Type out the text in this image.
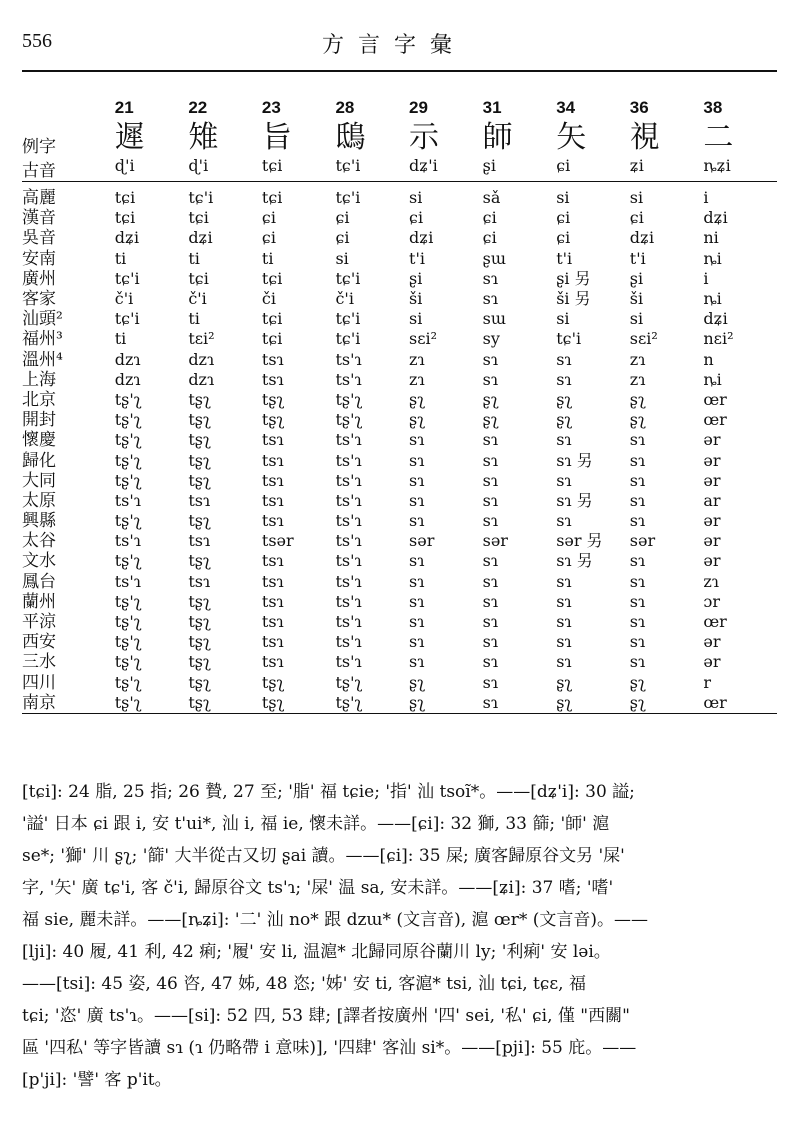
556	方言字彙
	21	22	23	28	29	31	34	36	38
例字	遲	雉	旨	鴟	示	師	矢	視	二
古音	ɖ'i	ɖ'i	tɕi	tɕ'i	dʑ'i	ʂi	ɕi	ʑi	ȵʑi

高麗	tɕi	tɕ'i	tɕi	tɕ'i	si	sǎ	si	si	i
漢音	tɕi	tɕi	ɕi	ɕi	ɕi	ɕi	ɕi	ɕi	dʑi
吳音	dʑi	dʑi	ɕi	ɕi	dʑi	ɕi	ɕi	dʑi	ni
安南	ti	ti	ti	si	t'i	ʂɯ	t'i	t'i	ȵi
廣州	tɕ'i	tɕi	tɕi	tɕ'i	ʂi	sɿ	ʂi 另	ʂi	i
客家	č'i	č'i	či	č'i	ši	sɿ	ši 另	ši	ȵi
汕頭²	tɕ'i	ti	tɕi	tɕ'i	si	sɯ	si	si	dʑi
福州³	ti	tɛi²	tɕi	tɕ'i	sɛi²	sy	tɕ'i	sɛi²	nɛi²
溫州⁴	dzɿ	dzɿ	tsɿ	ts'ɿ	zɿ	sɿ	sɿ	zɿ	n
上海	dzɿ	dzɿ	tsɿ	ts'ɿ	zɿ	sɿ	sɿ	zɿ	ȵi
北京	tʂ'ʅ	tʂʅ	tʂʅ	tʂ'ʅ	ʂʅ	ʂʅ	ʂʅ	ʂʅ	œr
開封	tʂ'ʅ	tʂʅ	tʂʅ	tʂ'ʅ	ʂʅ	ʂʅ	ʂʅ	ʂʅ	œr
懷慶	tʂ'ʅ	tʂʅ	tsɿ	ts'ɿ	sɿ	sɿ	sɿ	sɿ	ər
歸化	tʂ'ʅ	tʂʅ	tsɿ	ts'ɿ	sɿ	sɿ	sɿ 另	sɿ	ər
大同	tʂ'ʅ	tʂʅ	tsɿ	ts'ɿ	sɿ	sɿ	sɿ	sɿ	ər
太原	ts'ɿ	tsɿ	tsɿ	ts'ɿ	sɿ	sɿ	sɿ 另	sɿ	ar
興縣	tʂ'ʅ	tʂʅ	tsɿ	ts'ɿ	sɿ	sɿ	sɿ	sɿ	ər
太谷	ts'ɿ	tsɿ	tsər	ts'ɿ	sər	sər	sər 另	sər	ər
文水	tʂ'ʅ	tʂʅ	tsɿ	ts'ɿ	sɿ	sɿ	sɿ 另	sɿ	ər
鳳台	ts'ɿ	tsɿ	tsɿ	ts'ɿ	sɿ	sɿ	sɿ	sɿ	zɿ
蘭州	tʂ'ʅ	tʂʅ	tsɿ	ts'ɿ	sɿ	sɿ	sɿ	sɿ	ɔr
平涼	tʂ'ʅ	tʂʅ	tsɿ	ts'ɿ	sɿ	sɿ	sɿ	sɿ	œr
西安	tʂ'ʅ	tʂʅ	tsɿ	ts'ɿ	sɿ	sɿ	sɿ	sɿ	ər
三水	tʂ'ʅ	tʂʅ	tsɿ	ts'ɿ	sɿ	sɿ	sɿ	sɿ	ər
四川	tʂ'ʅ	tʂʅ	tʂʅ	tʂ'ʅ	ʂʅ	sɿ	ʂʅ	ʂʅ	r
南京	tʂ'ʅ	tʂʅ	tʂʅ	tʂ'ʅ	ʂʅ	sɿ	ʂʅ	ʂʅ	œr

[tɕi]: 24 脂, 25 指; 26 贄, 27 至; '脂' 福 tɕie; '指' 汕 tsoĩ*。——[dʑ'i]: 30 謚;

'謚' 日本 ɕi 跟 i, 安 t'ui*, 汕 i, 福 ie, 懷未詳。——[ɕi]: 32 獅, 33 篩; '師' 滬

se*; '獅' 川 ʂʅ; '篩' 大半從古又切 ʂai 讀。——[ɕi]: 35 屎; 廣客歸原谷文另 '屎'

字, '矢' 廣 tɕ'i, 客 č'i, 歸原谷文 ts'ɿ; '屎' 温 sa, 安未詳。——[ʑi]: 37 嗜; '嗜'

福 sie, 麗未詳。——[ȵʑi]: '二' 汕 no* 跟 dzɯ* (文言音), 滬 œr* (文言音)。——

[lji]: 40 履, 41 利, 42 痢; '履' 安 li, 温滬* 北歸同原谷蘭川 ly; '利痢' 安 ləi。

——[tsi]: 45 姿, 46 咨, 47 姊, 48 恣; '姊' 安 ti, 客滬* tsi, 汕 tɕi, tɕɛ, 福

tɕi; '恣' 廣 ts'ɿ。——[si]: 52 四, 53 肆; [譯者按廣州 '四' sei, '私' ɕi, 僅 "西關"

區 '四私' 等字皆讀 sɿ (ɿ 仍略帶 i 意味)], '四肆' 客汕 si*。——[pji]: 55 庇。——

[p'ji]: '譬' 客 p'it。
